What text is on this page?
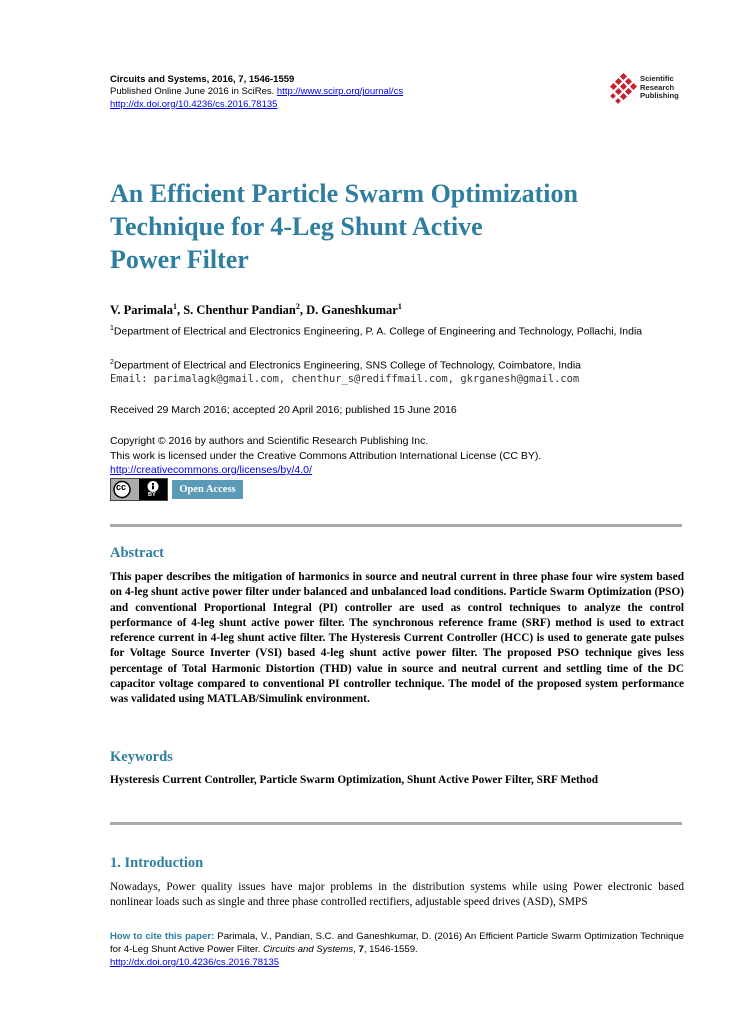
Circuits and Systems, 2016, 7, 1546-1559
Published Online June 2016 in SciRes. http://www.scirp.org/journal/cs
http://dx.doi.org/10.4236/cs.2016.78135
Scientific
Research
Publishing
An Efficient Particle Swarm Optimization
Technique for 4-Leg Shunt Active
Power Filter
V. Parimala$^1$, S. Chenthur Pandian$^2$, D. Ganeshkumar$^1$
$^1$Department of Electrical and Electronics Engineering, P. A. College of Engineering and Technology, Pollachi, India
$^2$Department of Electrical and Electronics Engineering, SNS College of Technology, Coimbatore, India
Email: parimalagk@gmail.com, chenthur_s@rediffmail.com, gkrganesh@gmail.com
Received 29 March 2016; accepted 20 April 2016; published 15 June 2016
Copyright © 2016 by authors and Scientific Research Publishing Inc.
This work is licensed under the Creative Commons Attribution International License (CC BY).
http://creativecommons.org/licenses/by/4.0/
cc
BY	Open Access
Abstract
This paper describes the mitigation of harmonics in source and neutral current in three phase four wire system based on 4-leg shunt active power filter under balanced and unbalanced load conditions. Particle Swarm Optimization (PSO) and conventional Proportional Integral (PI) controller are used as control techniques to analyze the control performance of 4-leg shunt active power filter. The synchronous reference frame (SRF) method is used to extract reference current in 4-leg shunt active filter. The Hysteresis Current Controller (HCC) is used to generate gate pulses for Voltage Source Inverter (VSI) based 4-leg shunt active power filter. The proposed PSO technique gives less percentage of Total Harmonic Distortion (THD) value in source and neutral current and settling time of the DC capacitor voltage compared to conventional PI controller technique. The model of the proposed system performance was validated using MATLAB/Simulink environment.
Keywords
Hysteresis Current Controller, Particle Swarm Optimization, Shunt Active Power Filter, SRF Method
1. Introduction
Nowadays, Power quality issues have major problems in the distribution systems while using Power electronic based nonlinear loads such as single and three phase controlled rectifiers, adjustable speed drives (ASD), SMPS
How to cite this paper: Parimala, V., Pandian, S.C. and Ganeshkumar, D. (2016) An Efficient Particle Swarm Optimization Technique for 4-Leg Shunt Active Power Filter. Circuits and Systems, 7, 1546-1559.
http://dx.doi.org/10.4236/cs.2016.78135
